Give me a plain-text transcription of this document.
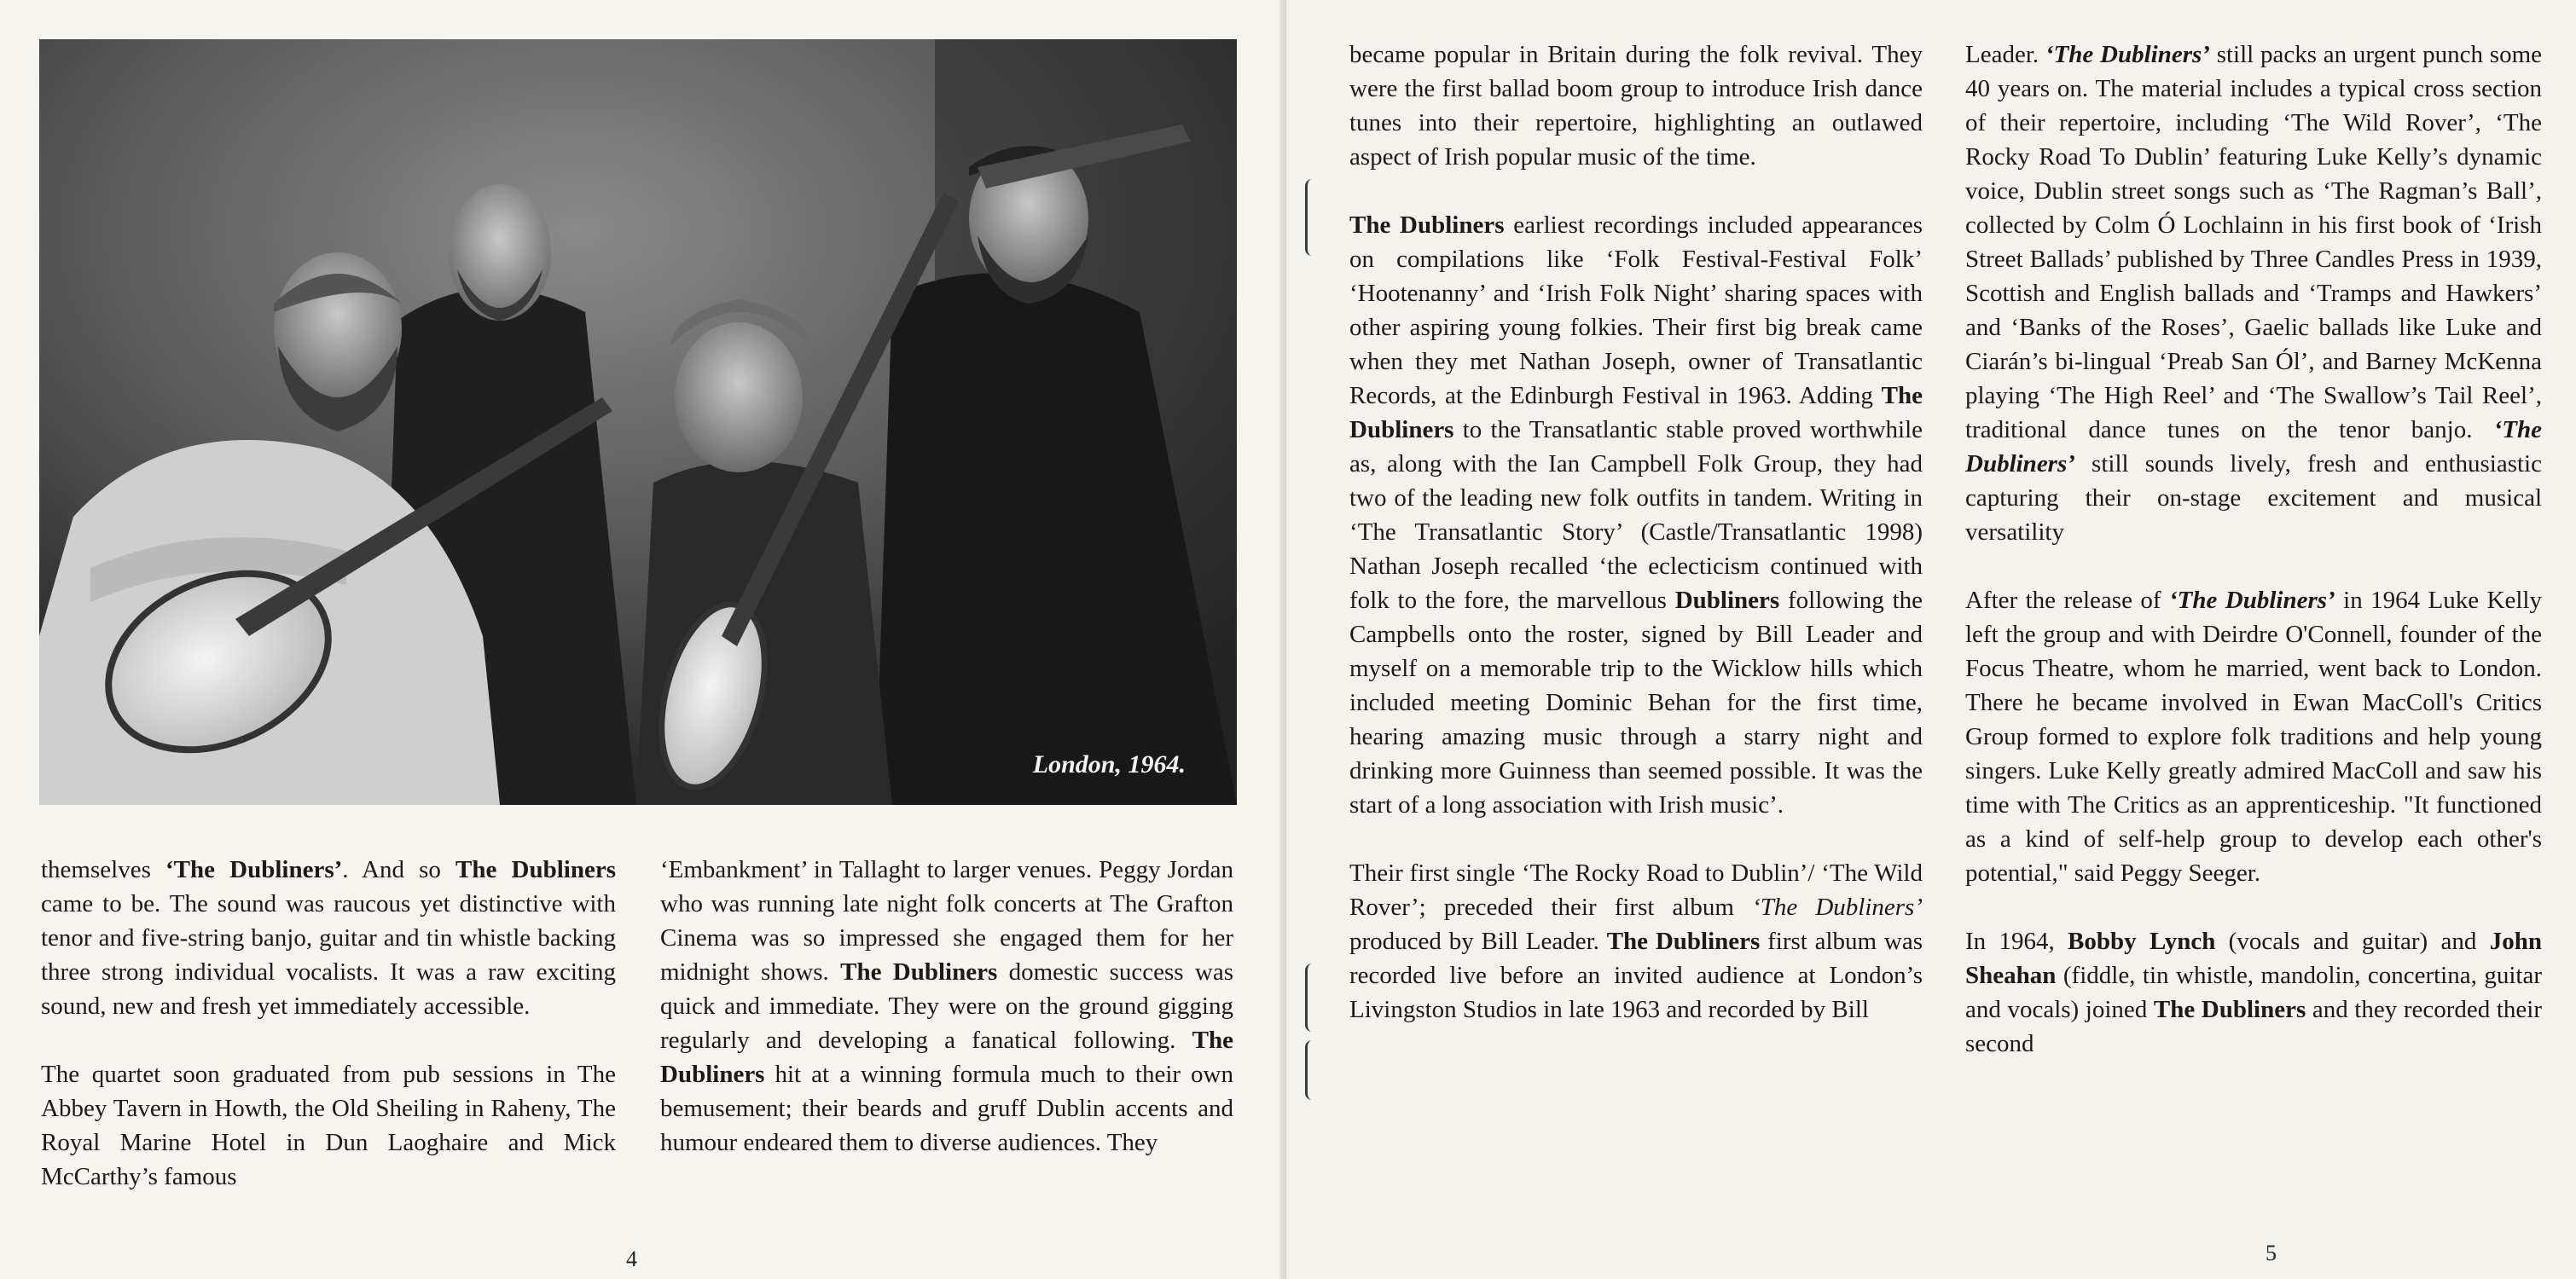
London, 1964.

themselves ‘The Dubliners’. And so The Dubliners came to be. The sound was raucous yet distinctive with tenor and five-string banjo, guitar and tin whistle backing three strong individual vocalists. It was a raw exciting sound, new and fresh yet immediately accessible.

The quartet soon graduated from pub sessions in The Abbey Tavern in Howth, the Old Sheiling in Raheny, The Royal Marine Hotel in Dun Laoghaire and Mick McCarthy’s famous

‘Embankment’ in Tallaght to larger venues. Peggy Jordan who was running late night folk concerts at The Grafton Cinema was so impressed she engaged them for her midnight shows. The Dubliners domestic success was quick and immediate. They were on the ground gigging regularly and developing a fanatical following. The Dubliners hit at a winning formula much to their own bemusement; their beards and gruff Dublin accents and humour endeared them to diverse audiences. They

4

became popular in Britain during the folk revival. They were the first ballad boom group to introduce Irish dance tunes into their repertoire, highlighting an outlawed aspect of Irish popular music of the time.

The Dubliners earliest recordings included appearances on compilations like ‘Folk Festival-Festival Folk’ ‘Hootenanny’ and ‘Irish Folk Night’ sharing spaces with other aspiring young folkies. Their first big break came when they met Nathan Joseph, owner of Transatlantic Records, at the Edinburgh Festival in 1963. Adding The Dubliners to the Transatlantic stable proved worthwhile as, along with the Ian Campbell Folk Group, they had two of the leading new folk outfits in tandem. Writing in ‘The Transatlantic Story’ (Castle/Transatlantic 1998) Nathan Joseph recalled ‘the eclecticism continued with folk to the fore, the marvellous Dubliners following the Campbells onto the roster, signed by Bill Leader and myself on a memorable trip to the Wicklow hills which included meeting Dominic Behan for the first time, hearing amazing music through a starry night and drinking more Guinness than seemed possible. It was the start of a long association with Irish music’.

Their first single ‘The Rocky Road to Dublin’/ ‘The Wild Rover’; preceded their first album ‘The Dubliners’ produced by Bill Leader. The Dubliners first album was recorded live before an invited audience at London’s Livingston Studios in late 1963 and recorded by Bill

Leader. ‘The Dubliners’ still packs an urgent punch some 40 years on. The material includes a typical cross section of their repertoire, including ‘The Wild Rover’, ‘The Rocky Road To Dublin’ featuring Luke Kelly’s dynamic voice, Dublin street songs such as ‘The Ragman’s Ball’, collected by Colm Ó Lochlainn in his first book of ‘Irish Street Ballads’ published by Three Candles Press in 1939, Scottish and English ballads and ‘Tramps and Hawkers’ and ‘Banks of the Roses’, Gaelic ballads like Luke and Ciarán’s bi-lingual ‘Preab San Ól’, and Barney McKenna playing ‘The High Reel’ and ‘The Swallow’s Tail Reel’, traditional dance tunes on the tenor banjo. ‘The Dubliners’ still sounds lively, fresh and enthusiastic capturing their on-stage excitement and musical versatility

After the release of ‘The Dubliners’ in 1964 Luke Kelly left the group and with Deirdre O'Connell, founder of the Focus Theatre, whom he married, went back to London. There he became involved in Ewan MacColl's Critics Group formed to explore folk traditions and help young singers. Luke Kelly greatly admired MacColl and saw his time with The Critics as an apprenticeship. "It functioned as a kind of self-help group to develop each other's potential," said Peggy Seeger.

In 1964, Bobby Lynch (vocals and guitar) and John Sheahan (fiddle, tin whistle, mandolin, concertina, guitar and vocals) joined The Dubliners and they recorded their second

5
